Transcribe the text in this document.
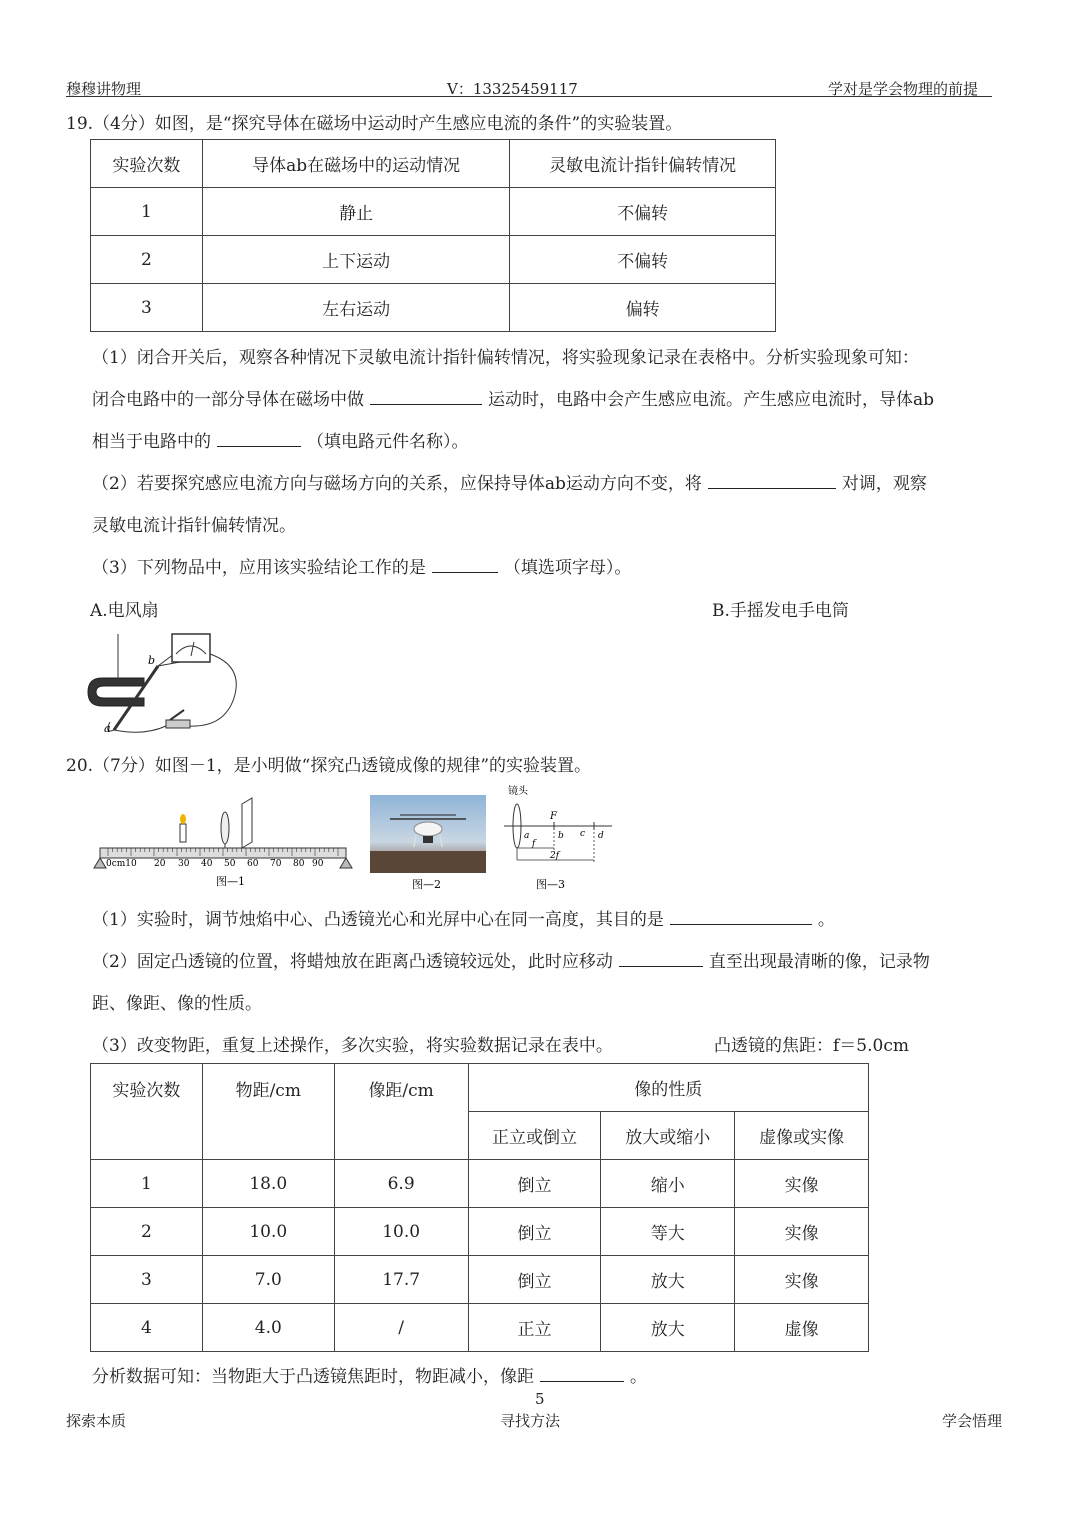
穆穆讲物理	V：13325459117	学对是学会物理的前提
19.（4分）如图，是“探究导体在磁场中运动时产生感应电流的条件”的实验装置。
实验次数	导体ab在磁场中的运动情况	灵敏电流计指针偏转情况
1	静止	不偏转
2	上下运动	不偏转
3	左右运动	偏转
（1）闭合开关后，观察各种情况下灵敏电流计指针偏转情况，将实验现象记录在表格中。分析实验现象可知：
闭合电路中的一部分导体在磁场中做	运动时，电路中会产生感应电流。产生感应电流时，导体ab
相当于电路中的	（填电路元件名称）。
（2）若要探究感应电流方向与磁场方向的关系，应保持导体ab运动方向不变，将	对调，观察
灵敏电流计指针偏转情况。
（3）下列物品中，应用该实验结论工作的是	（填选项字母）。
A.电风扇	B.手摇发电手电筒
b
a
20.（7分）如图－1，是小明做“探究凸透镜成像的规律”的实验装置。
0cm10 20 30 40 50 60 70 80 90
图—1	图—2
镜头
F
a	b c d
f
2f
图—3
（1）实验时，调节烛焰中心、凸透镜光心和光屏中心在同一高度，其目的是	。
（2）固定凸透镜的位置，将蜡烛放在距离凸透镜较远处，此时应移动	直至出现最清晰的像，记录物
距、像距、像的性质。
（3）改变物距，重复上述操作，多次实验，将实验数据记录在表中。	凸透镜的焦距：f＝5.0cm
实验次数	物距/cm	像距/cm	像的性质		
			正立或倒立	放大或缩小	虚像或实像
1	18.0	6.9	倒立	缩小	实像
2	10.0	10.0	倒立	等大	实像
3	7.0	17.7	倒立	放大	实像
4	4.0	/	正立	放大	虚像
分析数据可知：当物距大于凸透镜焦距时，物距减小，像距	。
5
探索本质	寻找方法	学会悟理
